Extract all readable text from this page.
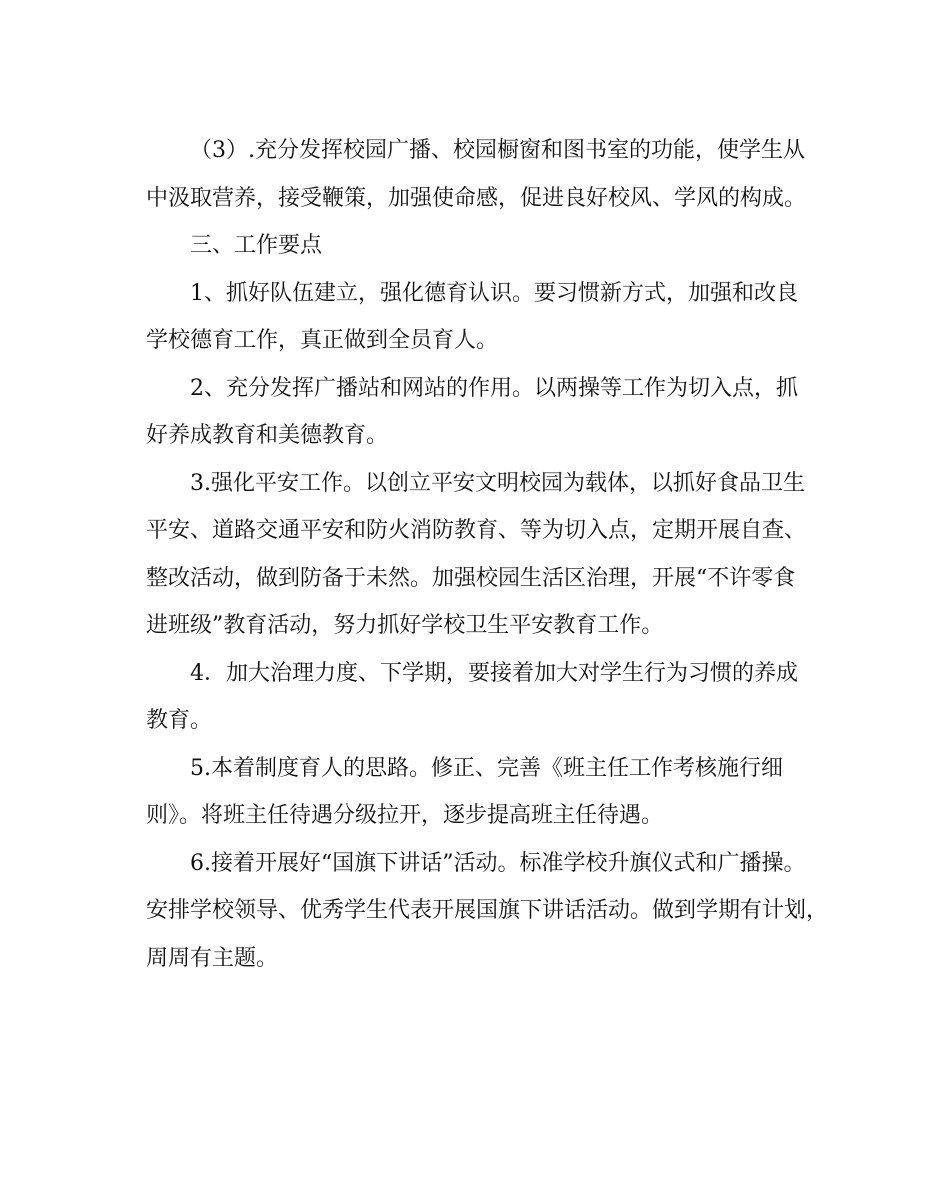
（3）.充分发挥校园广播、校园橱窗和图书室的功能，使学生从
中汲取营养，接受鞭策，加强使命感，促进良好校风、学风的构成。
三、工作要点
1、抓好队伍建立，强化德育认识。要习惯新方式，加强和改良
学校德育工作，真正做到全员育人。
2、充分发挥广播站和网站的作用。以两操等工作为切入点，抓
好养成教育和美德教育。
3.强化平安工作。以创立平安文明校园为载体，以抓好食品卫生
平安、道路交通平安和防火消防教育、等为切入点，定期开展自查、
整改活动，做到防备于未然。加强校园生活区治理，开展“不许零食
进班级”教育活动，努力抓好学校卫生平安教育工作。
4．加大治理力度、下学期，要接着加大对学生行为习惯的养成
教育。
5.本着制度育人的思路。修正、完善《班主任工作考核施行细
则》。将班主任待遇分级拉开，逐步提高班主任待遇。
6.接着开展好“国旗下讲话”活动。标准学校升旗仪式和广播操。
安排学校领导、优秀学生代表开展国旗下讲话活动。做到学期有计划，
周周有主题。
